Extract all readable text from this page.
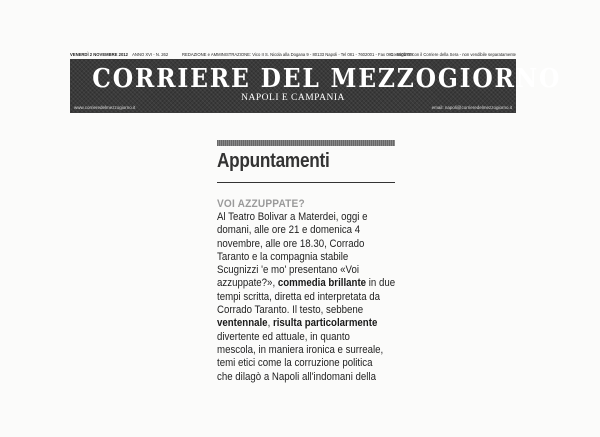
VENERDÌ 2 NOVEMBRE 2012 ANNO XVI - N. 262	REDAZIONE e AMMINISTRAZIONE: Vico II S. Nicola alla Dogana 9 - 80133 Napoli - Tel 081 - 7602001 - Fax 081 - 5802779
Consigliato con il Corriere della Sera - non vendibile separatamente
CORRIERE DEL MEZZOGIORNO
NAPOLI E CAMPANIA
www.corrieredelmezzogiorno.it	email: napoli@corrieredelmezzogiorno.it
Appuntamenti
VOI AZZUPPATE?
Al Teatro Bolivar a Materdei, oggi e
domani, alle ore 21 e domenica 4
novembre, alle ore 18.30, Corrado
Taranto e la compagnia stabile
Scugnizzi 'e mo' presentano «Voi
azzuppate?», commedia brillante in due
tempi scritta, diretta ed interpretata da
Corrado Taranto. Il testo, sebbene
ventennale, risulta particolarmente
divertente ed attuale, in quanto
mescola, in maniera ironica e surreale,
temi etici come la corruzione politica
che dilagò a Napoli all'indomani della
